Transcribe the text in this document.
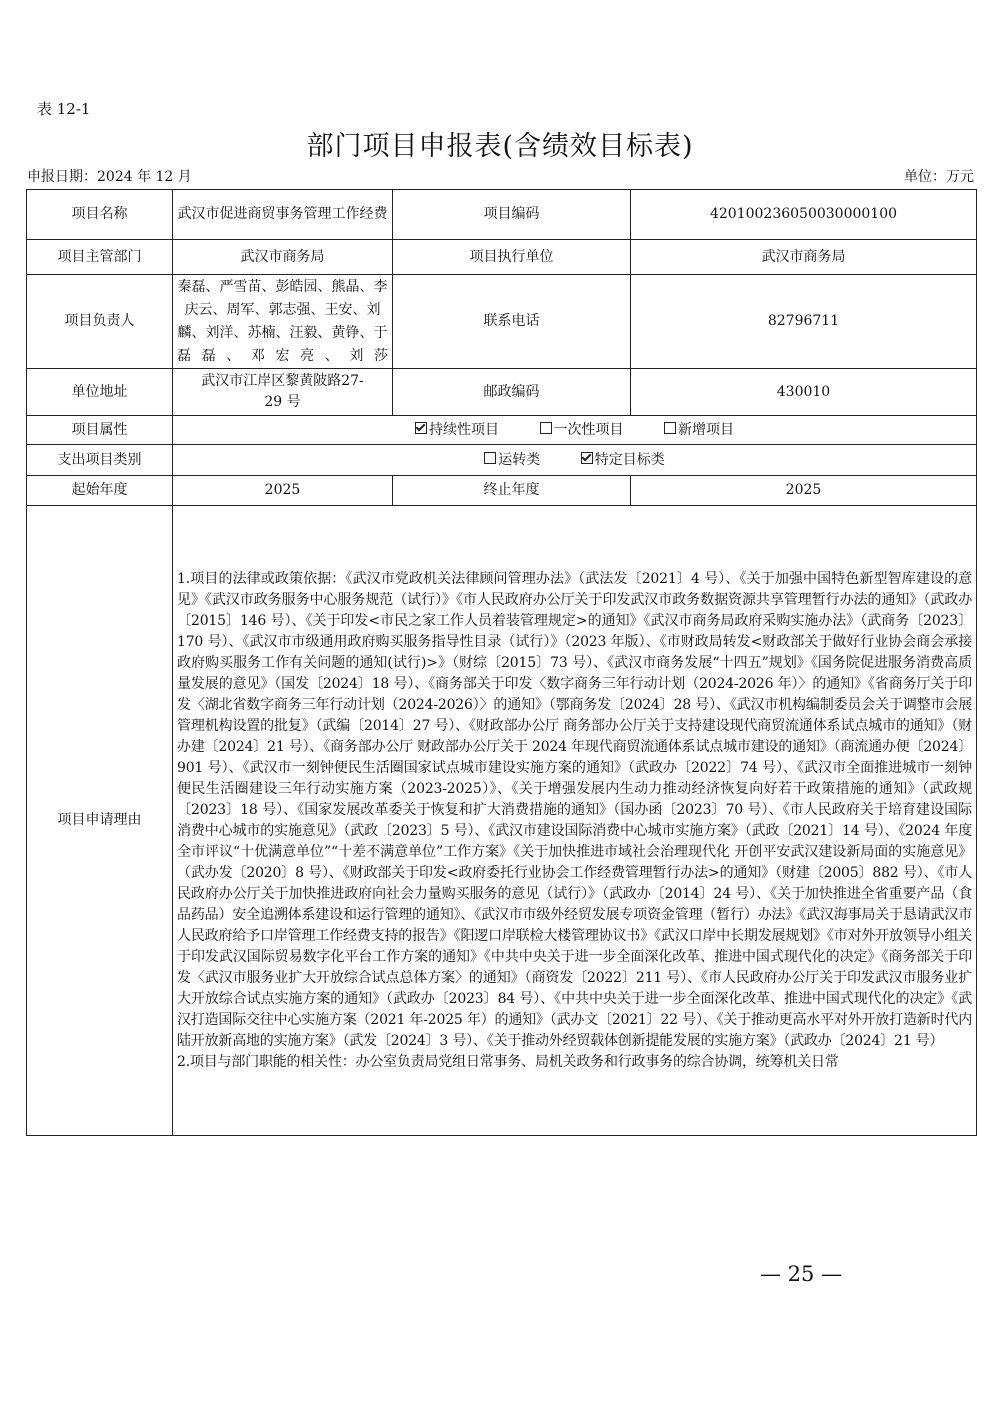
表 12-1
部门项目申报表(含绩效目标表)
申报日期：2024 年 12 月	单位：万元
项目名称	武汉市促进商贸事务管理工作经费	项目编码	420100236050030000100
项目主管部门	武汉市商务局	项目执行单位	武汉市商务局
项目负责人	秦磊、严雪苗、彭皓园、熊晶、李庆云、周军、郭志强、王安、刘麟、刘洋、苏楠、汪毅、黄铮、于磊磊、邓宏亮、刘莎	联系电话	82796711
单位地址	武汉市江岸区黎黄陂路27-29 号	邮政编码	430010
项目属性	持续性项目 一次性项目 新增项目		
支出项目类别	运转类 特定目标类		
起始年度	2025	终止年度	2025
项目申请理由	1.项目的法律或政策依据：《武汉市党政机关法律顾问管理办法》（武法发〔2021〕4 号）、《关于加强中国特色新型智库建设的意见》《武汉市政务服务中心服务规范（试行）》《市人民政府办公厅关于印发武汉市政务数据资源共享管理暂行办法的通知》（武政办〔2015〕146 号）、《关于印发<市民之家工作人员着装管理规定>的通知》《武汉市商务局政府采购实施办法》（武商务〔2023〕170 号）、《武汉市市级通用政府购买服务指导性目录（试行）》（2023 年版）、《市财政局转发<财政部关于做好行业协会商会承接政府购买服务工作有关问题的通知(试行)>》（财综〔2015〕73 号）、《武汉市商务发展“十四五”规划》《国务院促进服务消费高质量发展的意见》（国发〔2024〕18 号）、《商务部关于印发〈数字商务三年行动计划（2024-2026 年）〉的通知》《省商务厅关于印发〈湖北省数字商务三年行动计划（2024-2026）〉的通知》（鄂商务发〔2024〕28 号）、《武汉市机构编制委员会关于调整市会展管理机构设置的批复》（武编〔2014〕27 号）、《财政部办公厅 商务部办公厅关于支持建设现代商贸流通体系试点城市的通知》（财办建〔2024〕21 号）、《商务部办公厅 财政部办公厅关于 2024 年现代商贸流通体系试点城市建设的通知》（商流通办便〔2024〕901 号）、《武汉市一刻钟便民生活圈国家试点城市建设实施方案的通知》（武政办〔2022〕74 号）、《武汉市全面推进城市一刻钟便民生活圈建设三年行动实施方案（2023-2025）》、《关于增强发展内生动力推动经济恢复向好若干政策措施的通知》（武政规〔2023〕18 号）、《国家发展改革委关于恢复和扩大消费措施的通知》（国办函〔2023〕70 号）、《市人民政府关于培育建设国际消费中心城市的实施意见》（武政〔2023〕5 号）、《武汉市建设国际消费中心城市实施方案》（武政〔2021〕14 号）、《2024 年度全市评议“十优满意单位”“十差不满意单位”工作方案》《关于加快推进市域社会治理现代化 开创平安武汉建设新局面的实施意见》（武办发〔2020〕8 号）、《财政部关于印发<政府委托行业协会工作经费管理暂行办法>的通知》（财建〔2005〕882 号）、《市人民政府办公厅关于加快推进政府向社会力量购买服务的意见（试行）》（武政办〔2014〕24 号）、《关于加快推进全省重要产品（食品药品）安全追溯体系建设和运行管理的通知》、《武汉市市级外经贸发展专项资金管理（暂行）办法》《武汉海事局关于恳请武汉市人民政府给予口岸管理工作经费支持的报告》《阳逻口岸联检大楼管理协议书》《武汉口岸中长期发展规划》《市对外开放领导小组关于印发武汉国际贸易数字化平台工作方案的通知》《中共中央关于进一步全面深化改革、推进中国式现代化的决定》《商务部关于印发〈武汉市服务业扩大开放综合试点总体方案〉的通知》（商资发〔2022〕211 号）、《市人民政府办公厅关于印发武汉市服务业扩大开放综合试点实施方案的通知》（武政办〔2023〕84 号）、《中共中央关于进一步全面深化改革、推进中国式现代化的决定》《武汉打造国际交往中心实施方案（2021 年-2025 年）的通知》（武办文〔2021〕22 号）、《关于推动更高水平对外开放打造新时代内陆开放新高地的实施方案》（武发〔2024〕3 号）、《关于推动外经贸载体创新提能发展的实施方案》（武政办〔2024〕21 号）

2.项目与部门职能的相关性：办公室负责局党组日常事务、局机关政务和行政事务的综合协调，统筹机关日常		

— 25 —
